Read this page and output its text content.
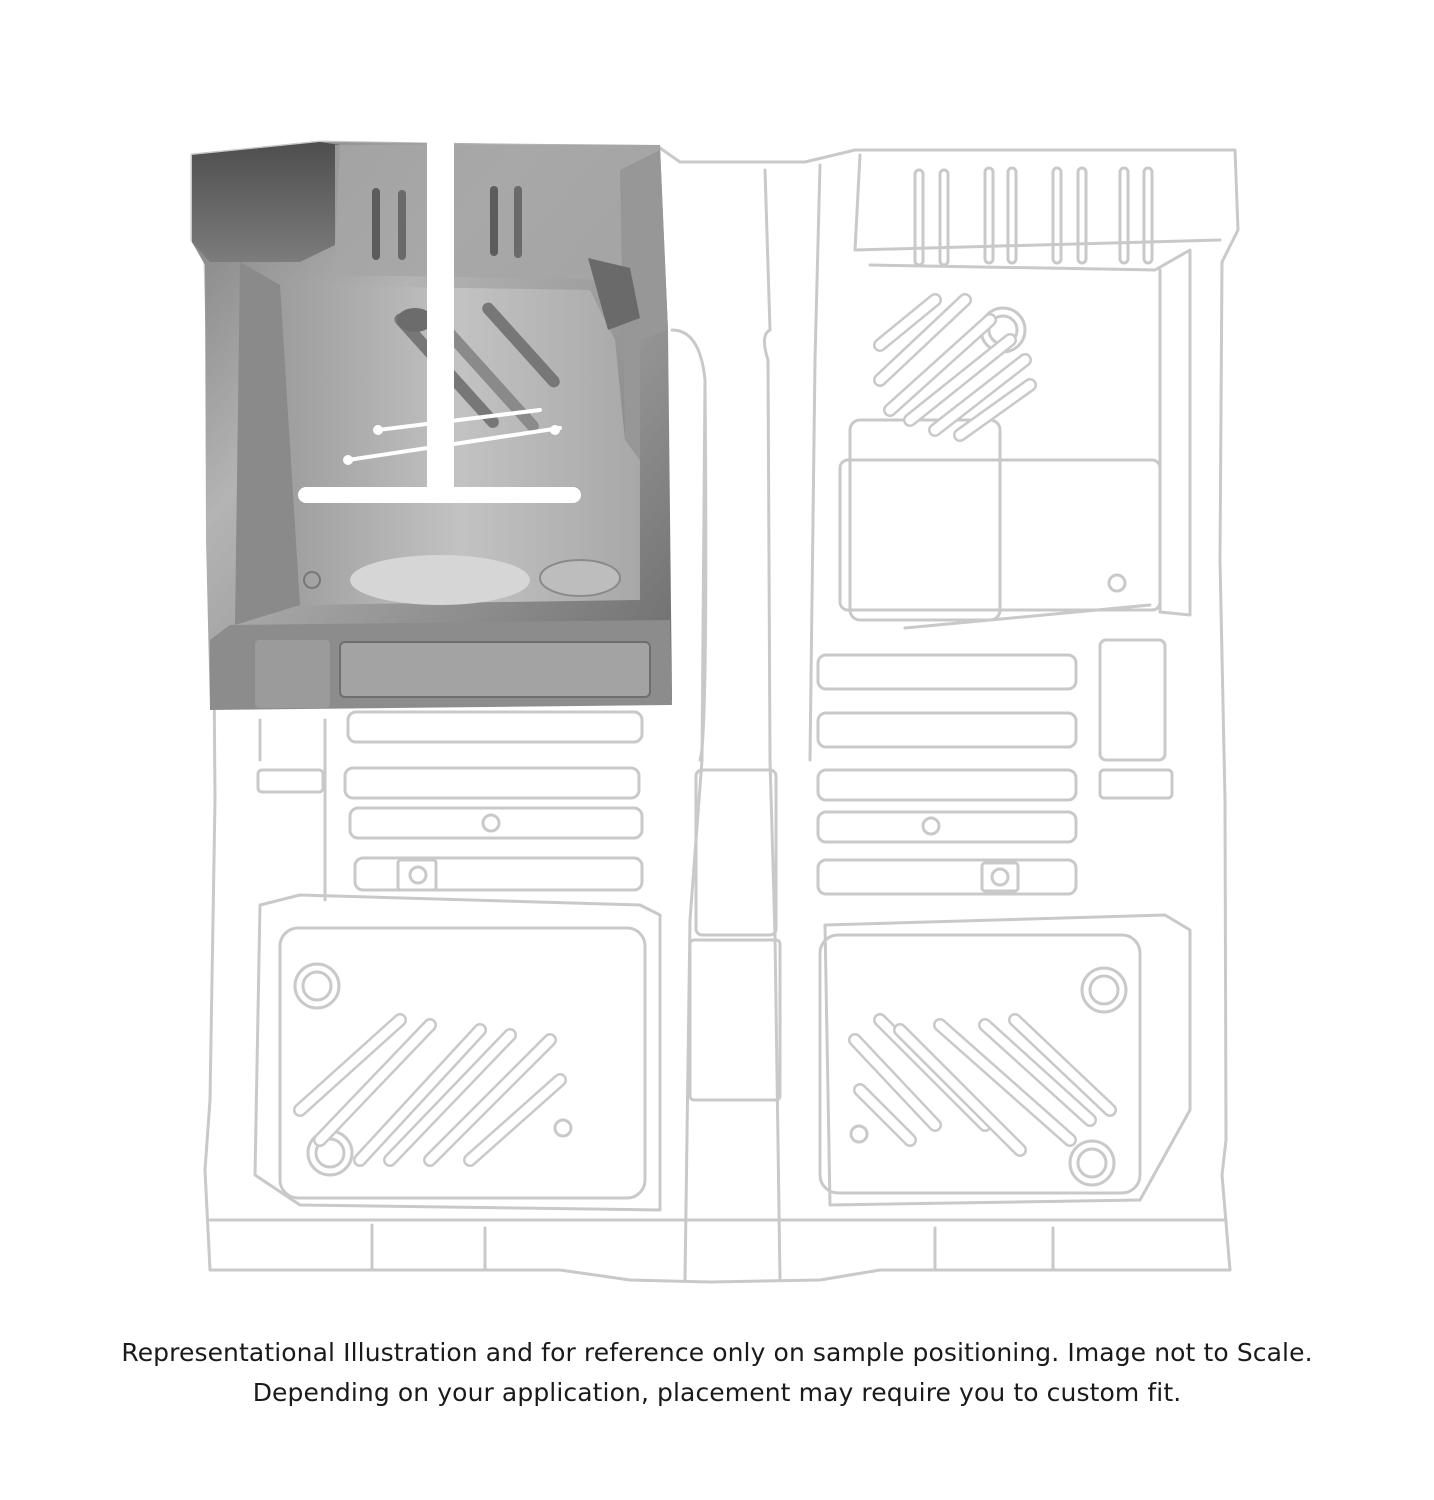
Representational Illustration and for reference only on sample positioning. Image not to Scale.
Depending on your application, placement may require you to custom fit.
